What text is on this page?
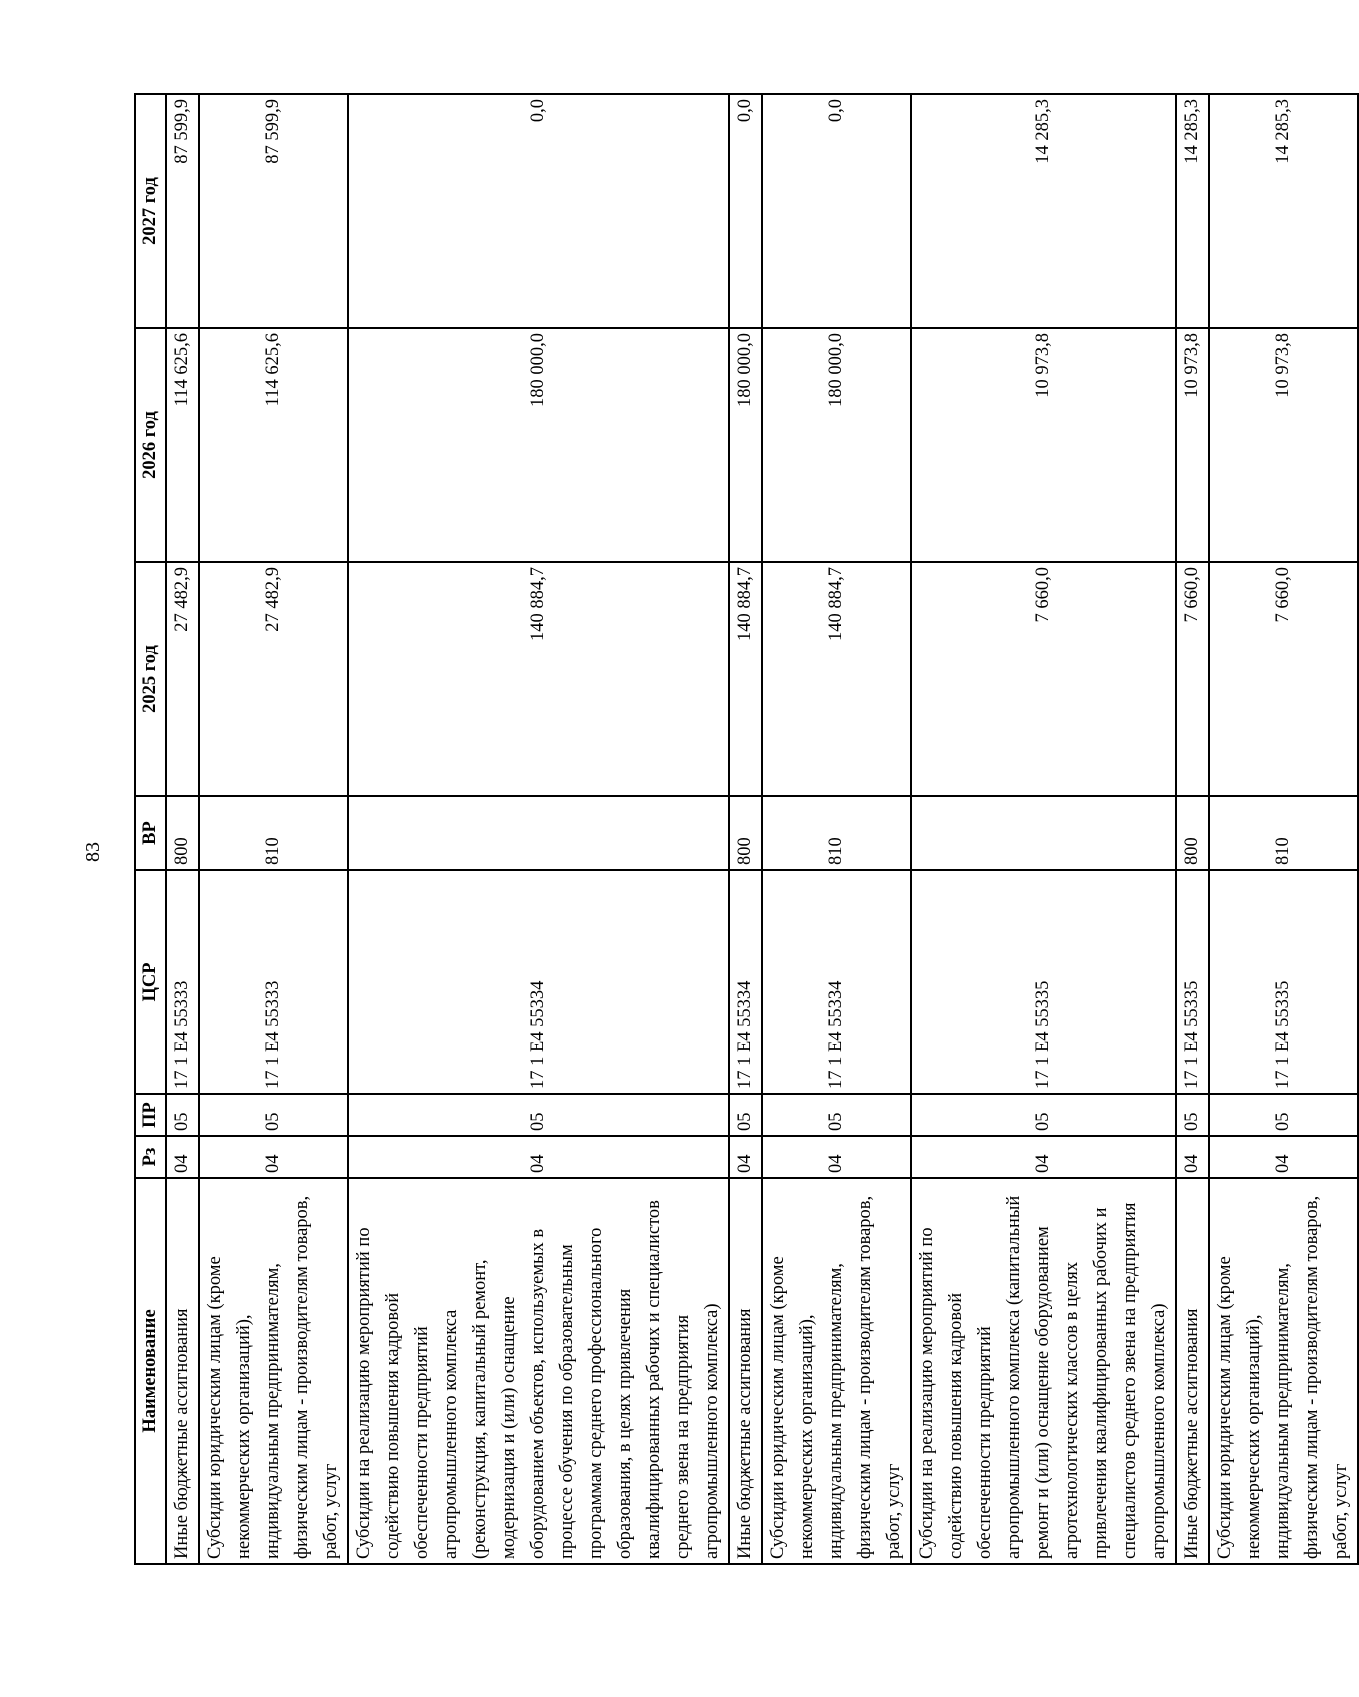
83
Наименование	Рз	ПР	ЦСР	ВР	2025 год	2026 год	2027 год
Иные бюджетные ассигнования	04	05	17 1 Е4 55333	800	27 482,9	114 625,6	87 599,9
Субсидии юридическим лицам (кроме некоммерческих организаций), индивидуальным предпринимателям, физическим лицам - производителям товаров, работ, услуг	04	05	17 1 Е4 55333	810	27 482,9	114 625,6	87 599,9
Субсидии на реализацию мероприятий по содействию повышения кадровой обеспеченности предприятий агропромышленного комплекса (реконструкция, капитальный ремонт, модернизация и (или) оснащение оборудованием объектов, используемых в процессе обучения по образовательным программам среднего профессионального образования, в целях привлечения квалифицированных рабочих и специалистов среднего звена на предприятия агропромышленного комплекса)	04	05	17 1 Е4 55334		140 884,7	180 000,0	0,0
Иные бюджетные ассигнования	04	05	17 1 Е4 55334	800	140 884,7	180 000,0	0,0
Субсидии юридическим лицам (кроме некоммерческих организаций), индивидуальным предпринимателям, физическим лицам - производителям товаров, работ, услуг	04	05	17 1 Е4 55334	810	140 884,7	180 000,0	0,0
Субсидии на реализацию мероприятий по содействию повышения кадровой обеспеченности предприятий агропромышленного комплекса (капитальный ремонт и (или) оснащение оборудованием агротехнологических классов в целях привлечения квалифицированных рабочих и специалистов среднего звена на предприятия агропромышленного комплекса)	04	05	17 1 Е4 55335		7 660,0	10 973,8	14 285,3
Иные бюджетные ассигнования	04	05	17 1 Е4 55335	800	7 660,0	10 973,8	14 285,3
Субсидии юридическим лицам (кроме некоммерческих организаций), индивидуальным предпринимателям, физическим лицам - производителям товаров, работ, услуг	04	05	17 1 Е4 55335	810	7 660,0	10 973,8	14 285,3
